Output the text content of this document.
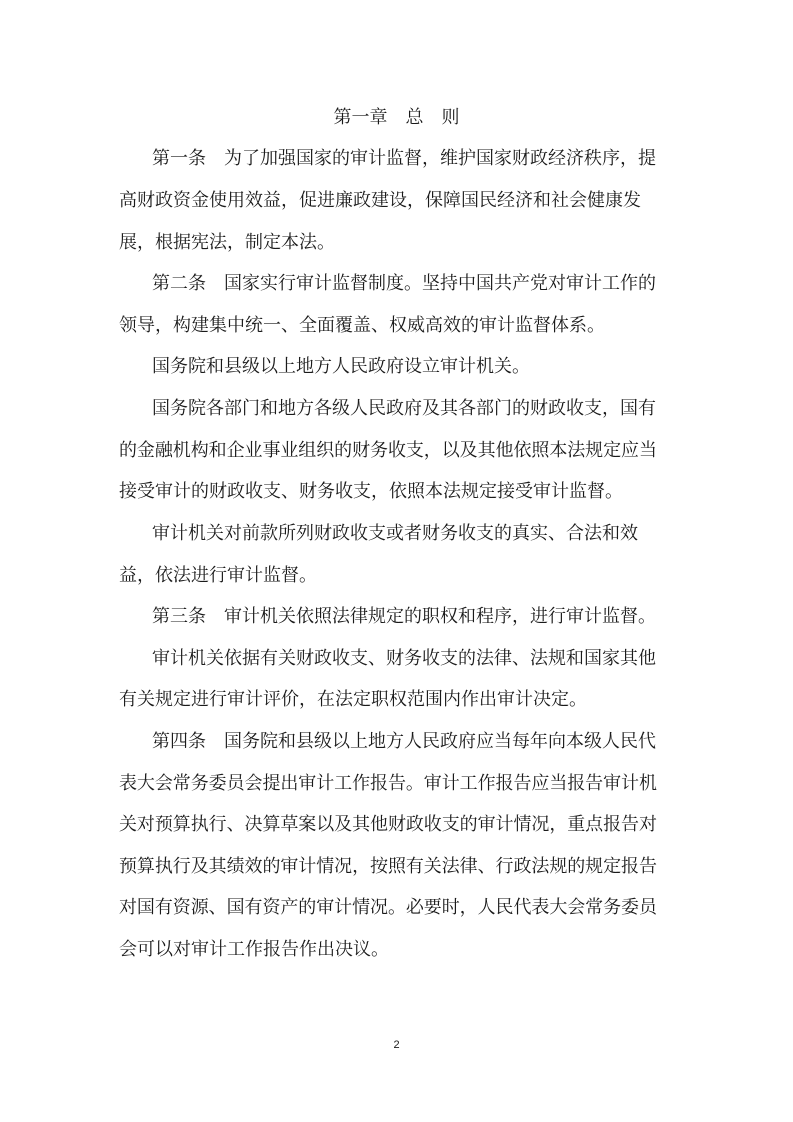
第一章　总　则
第一条　为了加强国家的审计监督，维护国家财政经济秩序，提
高财政资金使用效益，促进廉政建设，保障国民经济和社会健康发
展，根据宪法，制定本法。
第二条　国家实行审计监督制度。坚持中国共产党对审计工作的
领导，构建集中统一、全面覆盖、权威高效的审计监督体系。
国务院和县级以上地方人民政府设立审计机关。
国务院各部门和地方各级人民政府及其各部门的财政收支，国有
的金融机构和企业事业组织的财务收支，以及其他依照本法规定应当
接受审计的财政收支、财务收支，依照本法规定接受审计监督。
审计机关对前款所列财政收支或者财务收支的真实、合法和效
益，依法进行审计监督。
第三条　审计机关依照法律规定的职权和程序，进行审计监督。
审计机关依据有关财政收支、财务收支的法律、法规和国家其他
有关规定进行审计评价，在法定职权范围内作出审计决定。
第四条　国务院和县级以上地方人民政府应当每年向本级人民代
表大会常务委员会提出审计工作报告。审计工作报告应当报告审计机
关对预算执行、决算草案以及其他财政收支的审计情况，重点报告对
预算执行及其绩效的审计情况，按照有关法律、行政法规的规定报告
对国有资源、国有资产的审计情况。必要时，人民代表大会常务委员
会可以对审计工作报告作出决议。
2
